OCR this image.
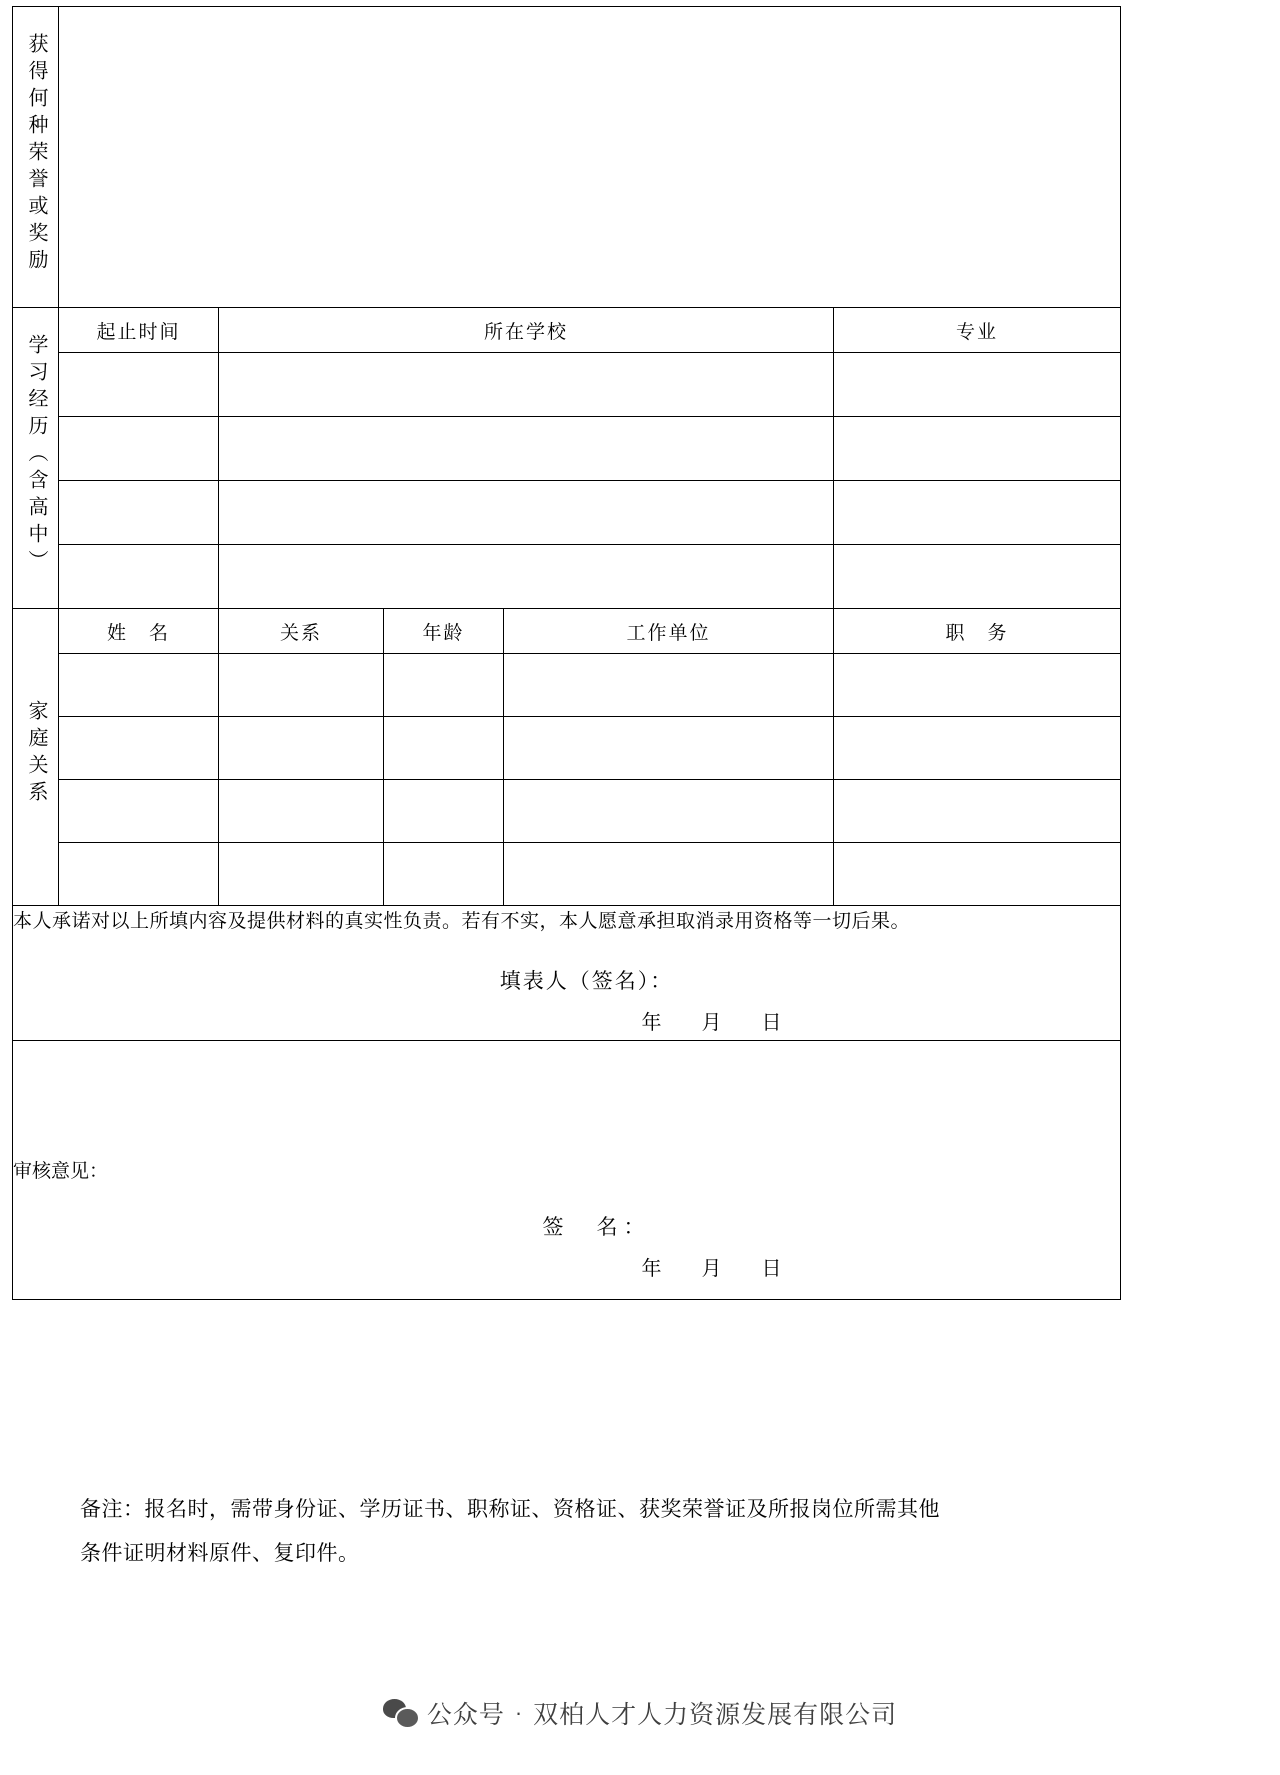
获得何种荣誉或奖励					
学习经历（含高中）	起止时间	所在学校			专业

家庭关系	姓　名	关系	年龄	工作单位	职　务

本人承诺对以上所填内容及提供材料的真实性负责。若有不实，本人愿意承担取消录用资格等一切后果。
填表人（签名）：
年　月　日					

审核意见：
签　名：
年　月　日					
备注：报名时，需带身份证、学历证书、职称证、资格证、获奖荣誉证及所报岗位所需其他
条件证明材料原件、复印件。
公众号 · 双柏人才人力资源发展有限公司
